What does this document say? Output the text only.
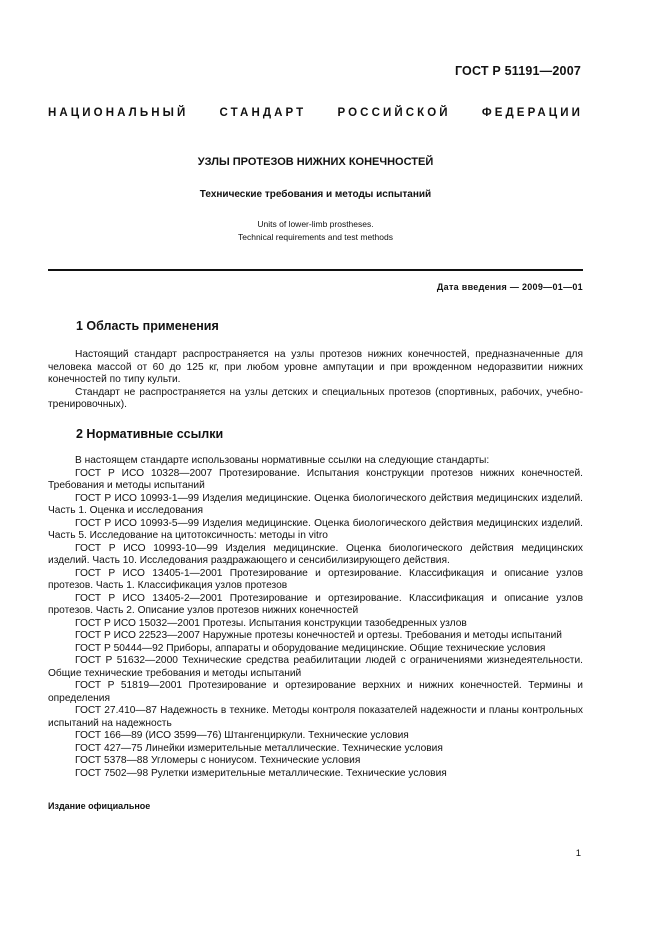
ГОСТ Р 51191—2007
НАЦИОНАЛЬНЫЙ	СТАНДАРТ	РОССИЙСКОЙ	ФЕДЕРАЦИИ
УЗЛЫ ПРОТЕЗОВ НИЖНИХ КОНЕЧНОСТЕЙ
Технические требования и методы испытаний
Units of lower-limb prostheses.
Technical requirements and test methods
Дата введения — 2009—01—01
1 Область применения

Настоящий стандарт распространяется на узлы протезов нижних конечностей, предназначенные для человека массой от 60 до 125 кг, при любом уровне ампутации и при врожденном недоразвитии нижних конечностей по типу культи.

Стандарт не распространяется на узлы детских и специальных протезов (спортивных, рабочих, учебно-тренировочных).

2 Нормативные ссылки

В настоящем стандарте использованы нормативные ссылки на следующие стандарты:

ГОСТ Р ИСО 10328—2007 Протезирование. Испытания конструкции протезов нижних конечностей. Требования и методы испытаний

ГОСТ Р ИСО 10993-1—99 Изделия медицинские. Оценка биологического действия медицинских изделий. Часть 1. Оценка и исследования

ГОСТ Р ИСО 10993-5—99 Изделия медицинские. Оценка биологического действия медицинских изделий. Часть 5. Исследование на цитотоксичность: методы in vitro

ГОСТ Р ИСО 10993-10—99 Изделия медицинские. Оценка биологического действия медицинских изделий. Часть 10. Исследования раздражающего и сенсибилизирующего действия.

ГОСТ Р ИСО 13405-1—2001 Протезирование и ортезирование. Классификация и описание узлов протезов. Часть 1. Классификация узлов протезов

ГОСТ Р ИСО 13405-2—2001 Протезирование и ортезирование. Классификация и описание узлов протезов. Часть 2. Описание узлов протезов нижних конечностей

ГОСТ Р ИСО 15032—2001 Протезы. Испытания конструкции тазобедренных узлов

ГОСТ Р ИСО 22523—2007 Наружные протезы конечностей и ортезы. Требования и методы испытаний

ГОСТ Р 50444—92 Приборы, аппараты и оборудование медицинские. Общие технические условия

ГОСТ Р 51632—2000 Технические средства реабилитации людей с ограничениями жизнедеятельности. Общие технические требования и методы испытаний

ГОСТ Р 51819—2001 Протезирование и ортезирование верхних и нижних конечностей. Термины и определения

ГОСТ 27.410—87 Надежность в технике. Методы контроля показателей надежности и планы контрольных испытаний на надежность

ГОСТ 166—89 (ИСО 3599—76) Штангенциркули. Технические условия

ГОСТ 427—75 Линейки измерительные металлические. Технические условия

ГОСТ 5378—88 Угломеры с нониусом. Технические условия

ГОСТ 7502—98 Рулетки измерительные металлические. Технические условия

Издание официальное
1
